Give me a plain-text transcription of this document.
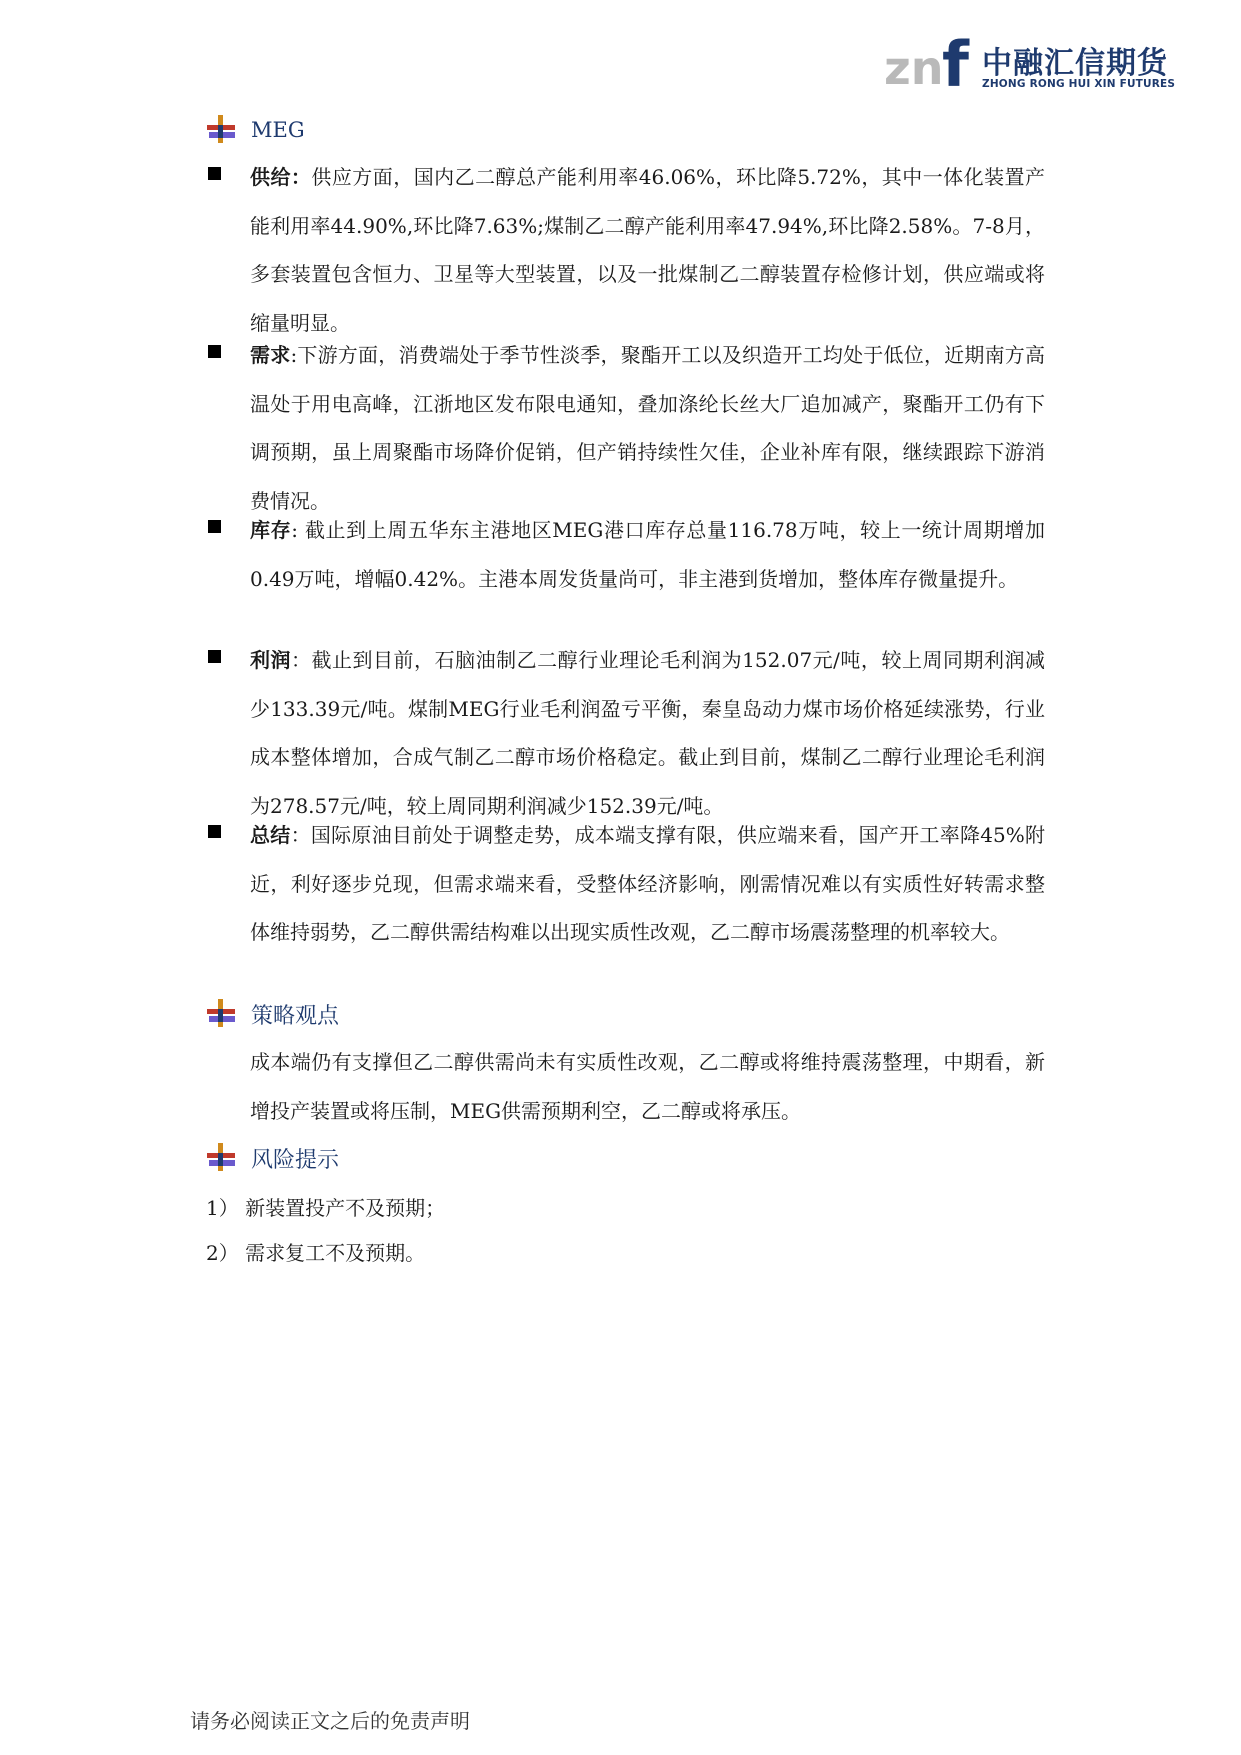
zn
f 中融汇信期货
ZHONG RONG HUI XIN FUTURES
MEG
供给：供应方面，国内乙二醇总产能利用率46.06%，环比降5.72%，其中一体化装置产能利用率44.90%,环比降7.63%;煤制乙二醇产能利用率47.94%,环比降2.58%。7-8月，多套装置包含恒力、卫星等大型装置，以及一批煤制乙二醇装置存检修计划，供应端或将缩量明显。
需求:下游方面，消费端处于季节性淡季，聚酯开工以及织造开工均处于低位，近期南方高温处于用电高峰，江浙地区发布限电通知，叠加涤纶长丝大厂追加减产，聚酯开工仍有下调预期，虽上周聚酯市场降价促销，但产销持续性欠佳，企业补库有限，继续跟踪下游消费情况。
库存: 截止到上周五华东主港地区MEG港口库存总量116.78万吨，较上一统计周期增加0.49万吨，增幅0.42%。主港本周发货量尚可，非主港到货增加，整体库存微量提升。
利润：截止到目前，石脑油制乙二醇行业理论毛利润为152.07元/吨，较上周同期利润减少133.39元/吨。煤制MEG行业毛利润盈亏平衡，秦皇岛动力煤市场价格延续涨势，行业成本整体增加，合成气制乙二醇市场价格稳定。截止到目前，煤制乙二醇行业理论毛利润为278.57元/吨，较上周同期利润减少152.39元/吨。
总结：国际原油目前处于调整走势，成本端支撑有限，供应端来看，国产开工率降45%附近，利好逐步兑现，但需求端来看，受整体经济影响，刚需情况难以有实质性好转需求整体维持弱势，乙二醇供需结构难以出现实质性改观，乙二醇市场震荡整理的机率较大。
策略观点
成本端仍有支撑但乙二醇供需尚未有实质性改观，乙二醇或将维持震荡整理，中期看，新增投产装置或将压制，MEG供需预期利空，乙二醇或将承压。
风险提示
1） 新装置投产不及预期；
2） 需求复工不及预期。
请务必阅读正文之后的免责声明
